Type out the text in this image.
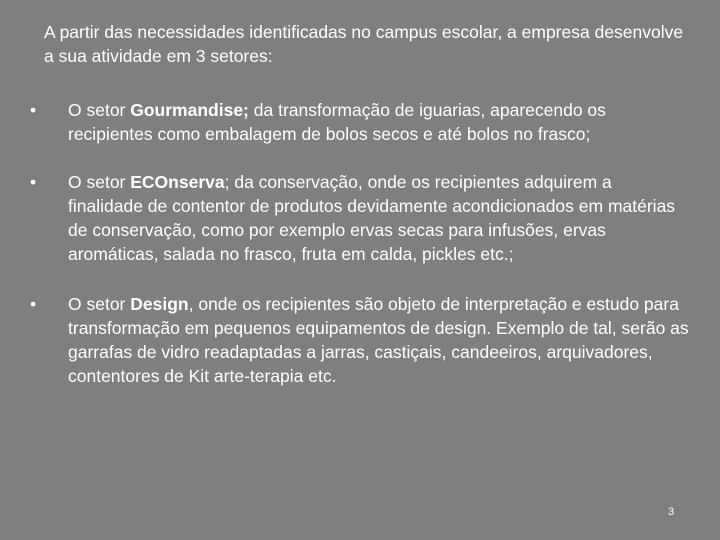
A partir das necessidades identificadas no campus escolar, a empresa desenvolve a sua atividade em 3 setores:
•	O setor Gourmandise; da transformação de iguarias, aparecendo os recipientes como embalagem de bolos secos e até bolos no frasco;
•	O setor ECOnserva; da conservação, onde os recipientes adquirem a finalidade de contentor de produtos devidamente acondicionados em matérias de conservação, como por exemplo ervas secas para infusões, ervas aromáticas, salada no frasco, fruta em calda, pickles etc.;
•	O setor Design, onde os recipientes são objeto de interpretação e estudo para transformação em pequenos equipamentos de design. Exemplo de tal, serão as garrafas de vidro readaptadas a jarras, castiçais, candeeiros, arquivadores, contentores de Kit arte-terapia etc.
3
